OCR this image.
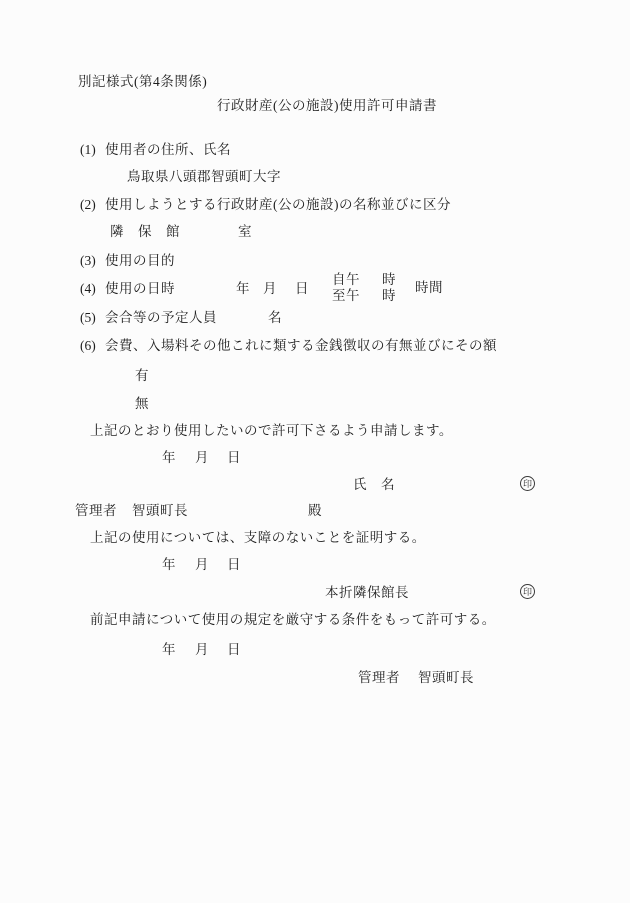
別記様式(第4条関係)
行政財産(公の施設)使用許可申請書
(1) 使用者の住所、氏名
鳥取県八頭郡智頭町大字
(2) 使用しようとする行政財産(公の施設)の名称並びに区分
隣　保　館	室
(3) 使用の目的
(4) 使用の日時	年 月 日
自午 時
至午 時
時間
(5) 会合等の予定人員	名
(6) 会費、入場料その他これに類する金銭徴収の有無並びにその額
有
無
上記のとおり使用したいので許可下さるよう申請します。
年 月 日
氏　名	印
管理者 智頭町長	殿
上記の使用については、支障のないことを証明する。
年 月 日
本折隣保館長	印
前記申請について使用の規定を厳守する条件をもって許可する。
年 月 日
管理者 智頭町長
